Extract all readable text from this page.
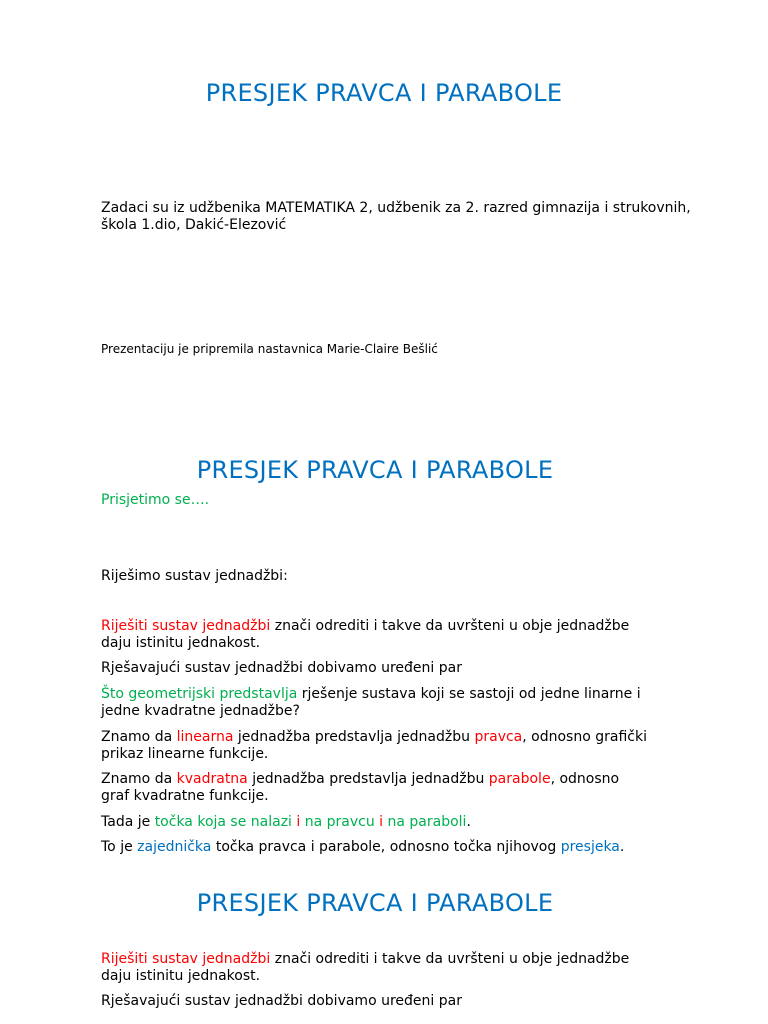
PRESJEK PRAVCA I PARABOLE
Zadaci su iz udžbenika MATEMATIKA 2, udžbenik za 2. razred gimnazija i strukovnih, škola 1.dio, Dakić-Elezović
Prezentaciju je pripremila nastavnica Marie-Claire Bešlić
PRESJEK PRAVCA I PARABOLE
Prisjetimo se….
Riješimo sustav jednadžbi:
Riješiti sustav jednadžbi znači odrediti i takve da uvršteni u obje jednadžbe daju istinitu jednakost.
Rješavajući sustav jednadžbi dobivamo uređeni par
Što geometrijski predstavlja rješenje sustava koji se sastoji od jedne linarne i jedne kvadratne jednadžbe?
Znamo da linearna jednadžba predstavlja jednadžbu pravca, odnosno grafički prikaz linearne funkcije.
Znamo da kvadratna jednadžba predstavlja jednadžbu parabole, odnosno graf kvadratne funkcije.
Tada je točka koja se nalazi i na pravcu i na paraboli.
To je zajednička točka pravca i parabole, odnosno točka njihovog presjeka.
PRESJEK PRAVCA I PARABOLE
Riješiti sustav jednadžbi znači odrediti i takve da uvršteni u obje jednadžbe daju istinitu jednakost.
Rješavajući sustav jednadžbi dobivamo uređeni par
